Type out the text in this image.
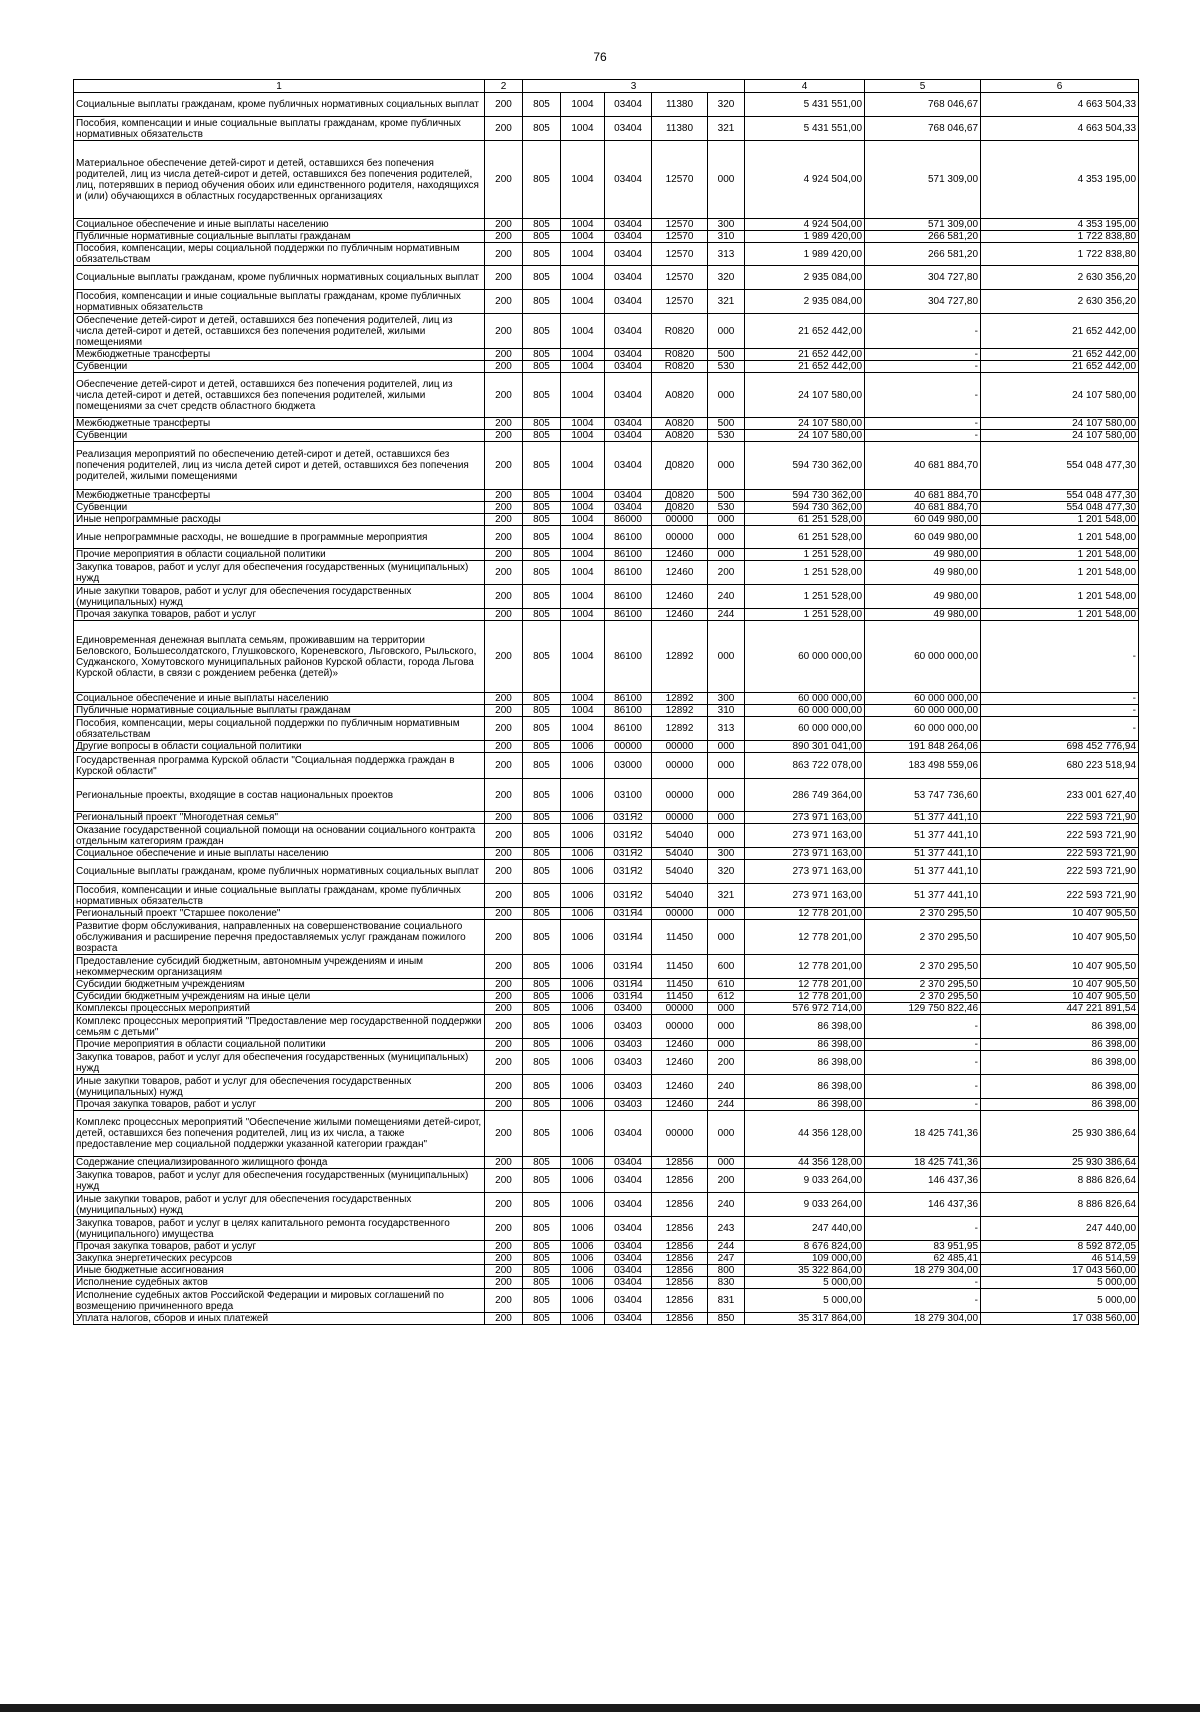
76
1	2	3					4	5	6
Социальные выплаты гражданам, кроме публичных нормативных социальных выплат	200	805	1004	03404	11380	320	5 431 551,00	768 046,67	4 663 504,33
Пособия, компенсации и иные социальные выплаты гражданам, кроме публичных нормативных обязательств	200	805	1004	03404	11380	321	5 431 551,00	768 046,67	4 663 504,33
Материальное обеспечение детей-сирот и детей, оставшихся без попечения родителей, лиц из числа детей-сирот и детей, оставшихся без попечения родителей, лиц, потерявших в период обучения обоих или единственного родителя, находящихся и (или) обучающихся в областных государственных организациях	200	805	1004	03404	12570	000	4 924 504,00	571 309,00	4 353 195,00
Социальное обеспечение и иные выплаты населению	200	805	1004	03404	12570	300	4 924 504,00	571 309,00	4 353 195,00
Публичные нормативные социальные выплаты гражданам	200	805	1004	03404	12570	310	1 989 420,00	266 581,20	1 722 838,80
Пособия, компенсации, меры социальной поддержки по публичным нормативным обязательствам	200	805	1004	03404	12570	313	1 989 420,00	266 581,20	1 722 838,80
Социальные выплаты гражданам, кроме публичных нормативных социальных выплат	200	805	1004	03404	12570	320	2 935 084,00	304 727,80	2 630 356,20
Пособия, компенсации и иные социальные выплаты гражданам, кроме публичных нормативных обязательств	200	805	1004	03404	12570	321	2 935 084,00	304 727,80	2 630 356,20
Обеспечение детей-сирот и детей, оставшихся без попечения родителей, лиц из числа детей-сирот и детей, оставшихся без попечения родителей, жилыми помещениями	200	805	1004	03404	R0820	000	21 652 442,00	-	21 652 442,00
Межбюджетные трансферты	200	805	1004	03404	R0820	500	21 652 442,00	-	21 652 442,00
Субвенции	200	805	1004	03404	R0820	530	21 652 442,00	-	21 652 442,00
Обеспечение детей-сирот и детей, оставшихся без попечения родителей, лиц из числа детей-сирот и детей, оставшихся без попечения родителей, жилыми помещениями за счет средств областного бюджета	200	805	1004	03404	А0820	000	24 107 580,00	-	24 107 580,00
Межбюджетные трансферты	200	805	1004	03404	А0820	500	24 107 580,00	-	24 107 580,00
Субвенции	200	805	1004	03404	А0820	530	24 107 580,00	-	24 107 580,00
Реализация мероприятий по обеспечению детей-сирот и детей, оставшихся без попечения родителей, лиц из числа детей сирот и детей, оставшихся без попечения родителей, жилыми помещениями	200	805	1004	03404	Д0820	000	594 730 362,00	40 681 884,70	554 048 477,30
Межбюджетные трансферты	200	805	1004	03404	Д0820	500	594 730 362,00	40 681 884,70	554 048 477,30
Субвенции	200	805	1004	03404	Д0820	530	594 730 362,00	40 681 884,70	554 048 477,30
Иные непрограммные расходы	200	805	1004	86000	00000	000	61 251 528,00	60 049 980,00	1 201 548,00
Иные непрограммные расходы, не вошедшие в программные мероприятия	200	805	1004	86100	00000	000	61 251 528,00	60 049 980,00	1 201 548,00
Прочие мероприятия в области социальной политики	200	805	1004	86100	12460	000	1 251 528,00	49 980,00	1 201 548,00
Закупка товаров, работ и услуг для обеспечения государственных (муниципальных) нужд	200	805	1004	86100	12460	200	1 251 528,00	49 980,00	1 201 548,00
Иные закупки товаров, работ и услуг для обеспечения государственных (муниципальных) нужд	200	805	1004	86100	12460	240	1 251 528,00	49 980,00	1 201 548,00
Прочая закупка товаров, работ и услуг	200	805	1004	86100	12460	244	1 251 528,00	49 980,00	1 201 548,00
Единовременная денежная выплата семьям, проживавшим на территории Беловского, Большесолдатского, Глушковского, Кореневского, Льговского, Рыльского, Суджанского, Хомутовского муниципальных районов Курской области, города Льгова Курской области, в связи с рождением ребенка (детей)»	200	805	1004	86100	12892	000	60 000 000,00	60 000 000,00	-
Социальное обеспечение и иные выплаты населению	200	805	1004	86100	12892	300	60 000 000,00	60 000 000,00	-
Публичные нормативные социальные выплаты гражданам	200	805	1004	86100	12892	310	60 000 000,00	60 000 000,00	-
Пособия, компенсации, меры социальной поддержки по публичным нормативным обязательствам	200	805	1004	86100	12892	313	60 000 000,00	60 000 000,00	-
Другие вопросы в области социальной политики	200	805	1006	00000	00000	000	890 301 041,00	191 848 264,06	698 452 776,94
Государственная программа Курской области "Социальная поддержка граждан в Курской области"	200	805	1006	03000	00000	000	863 722 078,00	183 498 559,06	680 223 518,94
Региональные проекты, входящие в состав национальных проектов	200	805	1006	03100	00000	000	286 749 364,00	53 747 736,60	233 001 627,40
Региональный проект "Многодетная семья"	200	805	1006	031Я2	00000	000	273 971 163,00	51 377 441,10	222 593 721,90
Оказание государственной социальной помощи на основании социального контракта отдельным категориям граждан	200	805	1006	031Я2	54040	000	273 971 163,00	51 377 441,10	222 593 721,90
Социальное обеспечение и иные выплаты населению	200	805	1006	031Я2	54040	300	273 971 163,00	51 377 441,10	222 593 721,90
Социальные выплаты гражданам, кроме публичных нормативных социальных выплат	200	805	1006	031Я2	54040	320	273 971 163,00	51 377 441,10	222 593 721,90
Пособия, компенсации и иные социальные выплаты гражданам, кроме публичных нормативных обязательств	200	805	1006	031Я2	54040	321	273 971 163,00	51 377 441,10	222 593 721,90
Региональный проект "Старшее поколение"	200	805	1006	031Я4	00000	000	12 778 201,00	2 370 295,50	10 407 905,50
Развитие форм обслуживания, направленных на совершенствование социального обслуживания и расширение перечня предоставляемых услуг гражданам пожилого возраста	200	805	1006	031Я4	11450	000	12 778 201,00	2 370 295,50	10 407 905,50
Предоставление субсидий бюджетным, автономным учреждениям и иным некоммерческим организациям	200	805	1006	031Я4	11450	600	12 778 201,00	2 370 295,50	10 407 905,50
Субсидии бюджетным учреждениям	200	805	1006	031Я4	11450	610	12 778 201,00	2 370 295,50	10 407 905,50
Субсидии бюджетным учреждениям на иные цели	200	805	1006	031Я4	11450	612	12 778 201,00	2 370 295,50	10 407 905,50
Комплексы процессных мероприятий	200	805	1006	03400	00000	000	576 972 714,00	129 750 822,46	447 221 891,54
Комплекс процессных мероприятий "Предоставление мер государственной поддержки семьям с детьми"	200	805	1006	03403	00000	000	86 398,00	-	86 398,00
Прочие мероприятия в области социальной политики	200	805	1006	03403	12460	000	86 398,00	-	86 398,00
Закупка товаров, работ и услуг для обеспечения государственных (муниципальных) нужд	200	805	1006	03403	12460	200	86 398,00	-	86 398,00
Иные закупки товаров, работ и услуг для обеспечения государственных (муниципальных) нужд	200	805	1006	03403	12460	240	86 398,00	-	86 398,00
Прочая закупка товаров, работ и услуг	200	805	1006	03403	12460	244	86 398,00	-	86 398,00
Комплекс процессных мероприятий "Обеспечение жилыми помещениями детей-сирот, детей, оставшихся без попечения родителей, лиц из их числа, а также предоставление мер социальной поддержки указанной категории граждан"	200	805	1006	03404	00000	000	44 356 128,00	18 425 741,36	25 930 386,64
Содержание специализированного жилищного фонда	200	805	1006	03404	12856	000	44 356 128,00	18 425 741,36	25 930 386,64
Закупка товаров, работ и услуг для обеспечения государственных (муниципальных) нужд	200	805	1006	03404	12856	200	9 033 264,00	146 437,36	8 886 826,64
Иные закупки товаров, работ и услуг для обеспечения государственных (муниципальных) нужд	200	805	1006	03404	12856	240	9 033 264,00	146 437,36	8 886 826,64
Закупка товаров, работ и услуг в целях капитального ремонта государственного (муниципального) имущества	200	805	1006	03404	12856	243	247 440,00	-	247 440,00
Прочая закупка товаров, работ и услуг	200	805	1006	03404	12856	244	8 676 824,00	83 951,95	8 592 872,05
Закупка энергетических ресурсов	200	805	1006	03404	12856	247	109 000,00	62 485,41	46 514,59
Иные бюджетные ассигнования	200	805	1006	03404	12856	800	35 322 864,00	18 279 304,00	17 043 560,00
Исполнение судебных актов	200	805	1006	03404	12856	830	5 000,00	-	5 000,00
Исполнение судебных актов Российской Федерации и мировых соглашений по возмещению причиненного вреда	200	805	1006	03404	12856	831	5 000,00	-	5 000,00
Уплата налогов, сборов и иных платежей	200	805	1006	03404	12856	850	35 317 864,00	18 279 304,00	17 038 560,00
